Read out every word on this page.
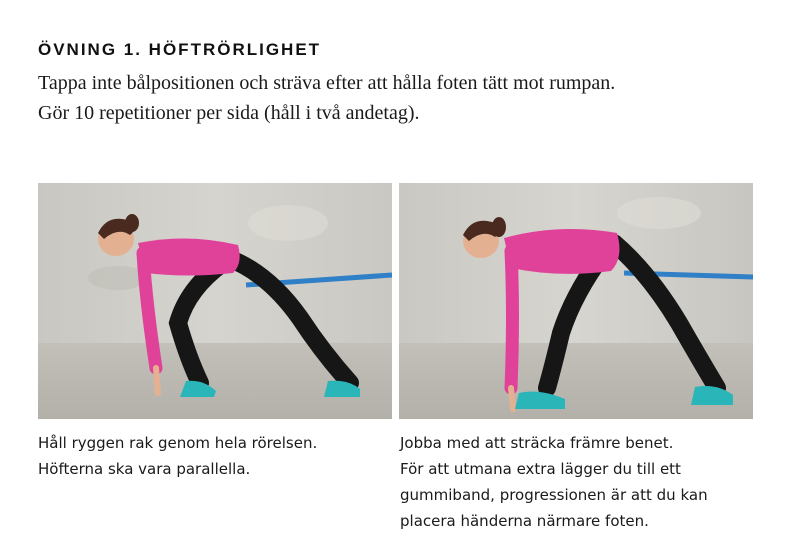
ÖVNING 1. HÖFTRÖRLIGHET

Tappa inte bålpositionen och sträva efter att hålla foten tätt mot rumpan.

Gör 10 repetitioner per sida (håll i två andetag).

Håll ryggen rak genom hela rörelsen.

Höfterna ska vara parallella.

Jobba med att sträcka främre benet.

För att utmana extra lägger du till ett

gummiband, progressionen är att du kan

placera händerna närmare foten.
